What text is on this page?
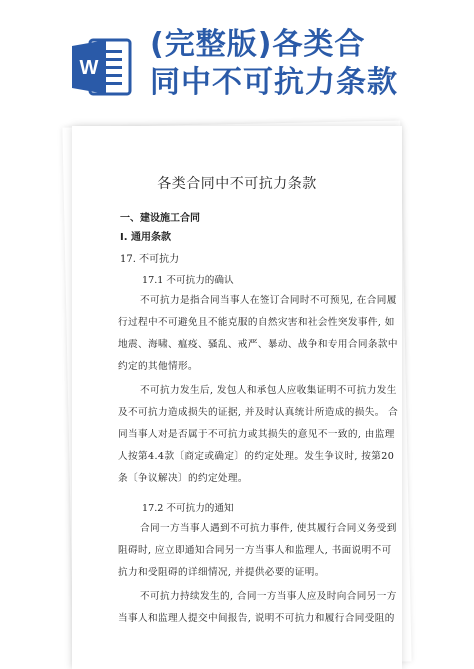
W
(完整版)各类合
同中不可抗力条款
各类合同中不可抗力条款
一、建设施工合同
I. 通用条款
17. 不可抗力
17.1 不可抗力的确认
不可抗力是指合同当事人在签订合同时不可预见, 在合同履
行过程中不可避免且不能克服的自然灾害和社会性突发事件, 如
地震、海啸、瘟疫、骚乱、戒严、暴动、战争和专用合同条款中
约定的其他情形。
不可抗力发生后, 发包人和承包人应收集证明不可抗力发生
及不可抗力造成损失的证据, 并及时认真统计所造成的损失。 合
同当事人对是否属于不可抗力或其损失的意见不一致的, 由监理
人按第4.4款〔商定或确定〕的约定处理。发生争议时, 按第20
条〔争议解决〕的约定处理。
17.2 不可抗力的通知
合同一方当事人遇到不可抗力事件, 使其履行合同义务受到
阻碍时, 应立即通知合同另一方当事人和监理人, 书面说明不可
抗力和受阻碍的详细情况, 并提供必要的证明。
不可抗力持续发生的, 合同一方当事人应及时向合同另一方
当事人和监理人提交中间报告, 说明不可抗力和履行合同受阻的
